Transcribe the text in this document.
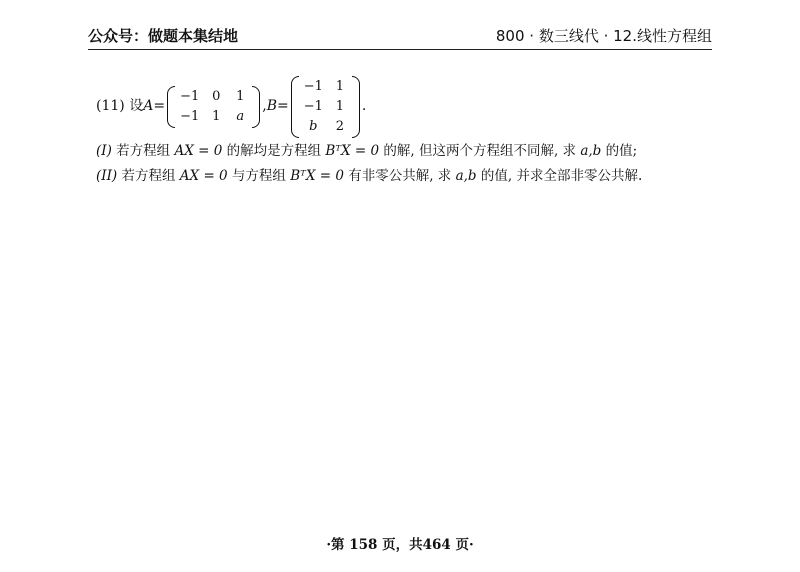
公众号：做题本集结地	800 · 数三线代 · 12.线性方程组
(11) 设 A =
−1 0	1
−1 1	a
, B =
−1 1
−1 1
b	2
.
(I) 若方程组 AX = 0 的解均是方程组 BᵀX = 0 的解, 但这两个方程组不同解, 求 a,b 的值;
(II) 若方程组 AX = 0 与方程组 BᵀX = 0 有非零公共解, 求 a,b 的值, 并求全部非零公共解.
·第 158 页，共464 页·
